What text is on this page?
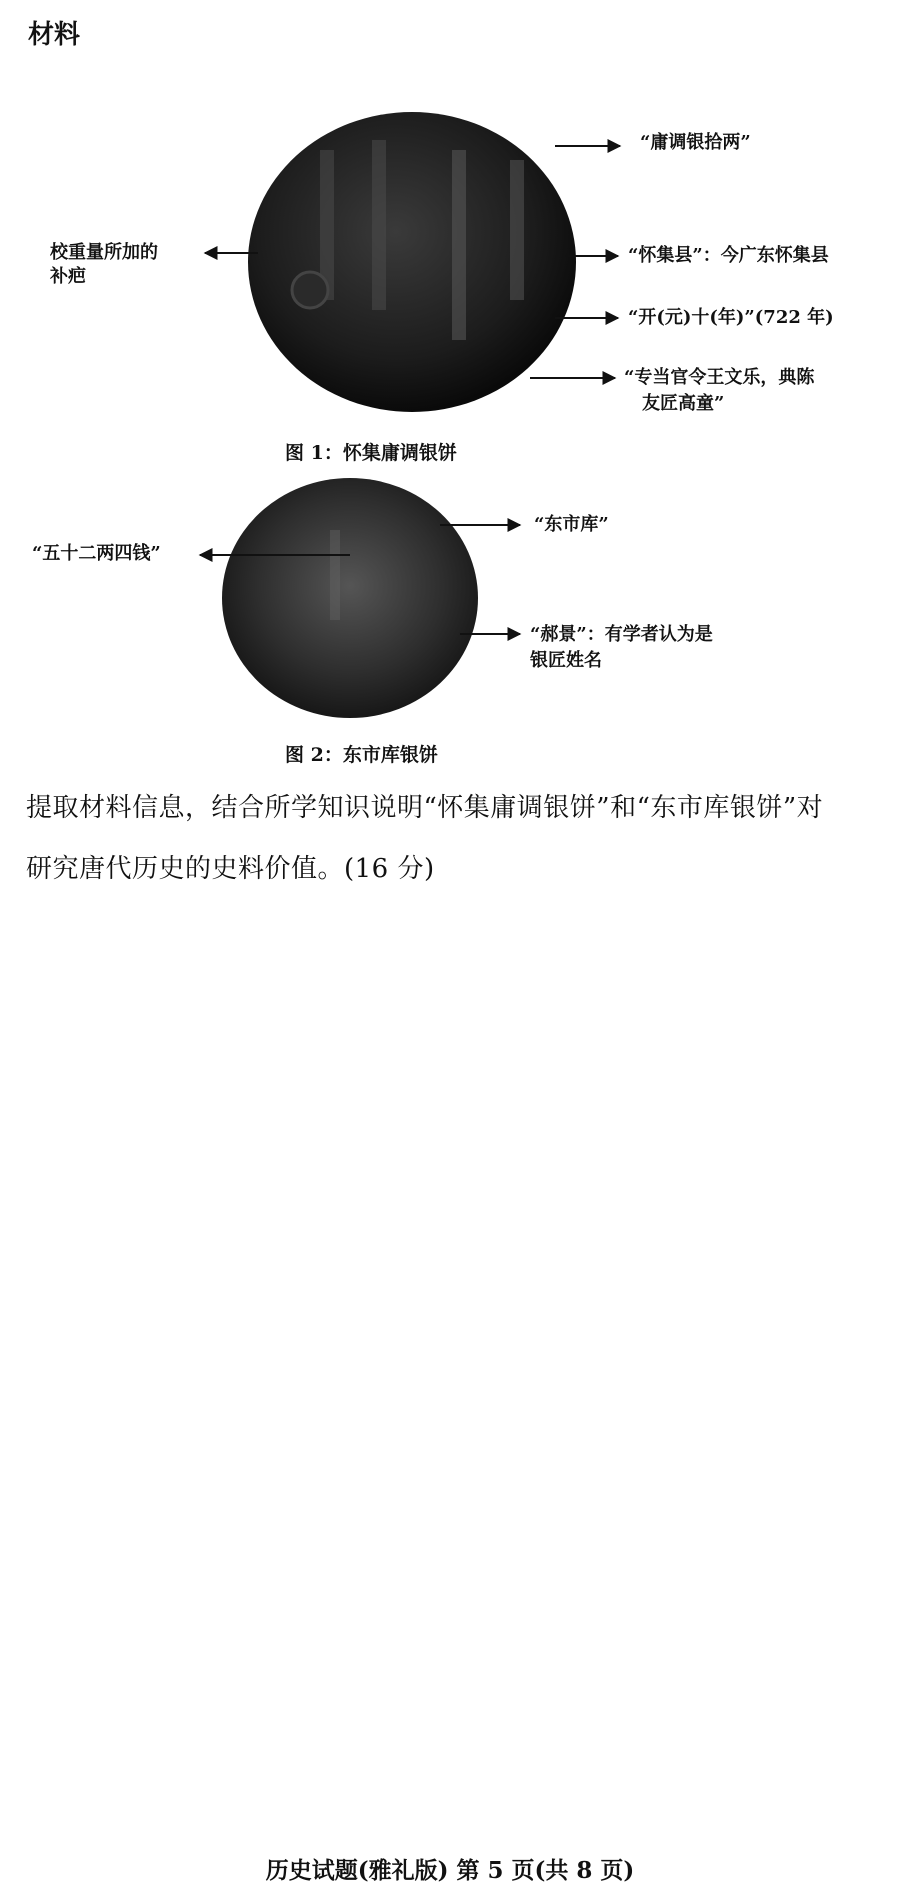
材料
“庸调银拾两”
校重量所加的
补疤
“怀集县”：今广东怀集县
“开(元)十(年)”(722 年)
“专当官令王文乐，典陈
友匠高童”
图 1：怀集庸调银饼
“五十二两四钱”
“东市库”
“郝景”：有学者认为是
银匠姓名
图 2：东市库银饼
提取材料信息，结合所学知识说明“怀集庸调银饼”和“东市库银饼”对
研究唐代历史的史料价值。(16 分)
历史试题(雅礼版) 第 5 页(共 8 页)
